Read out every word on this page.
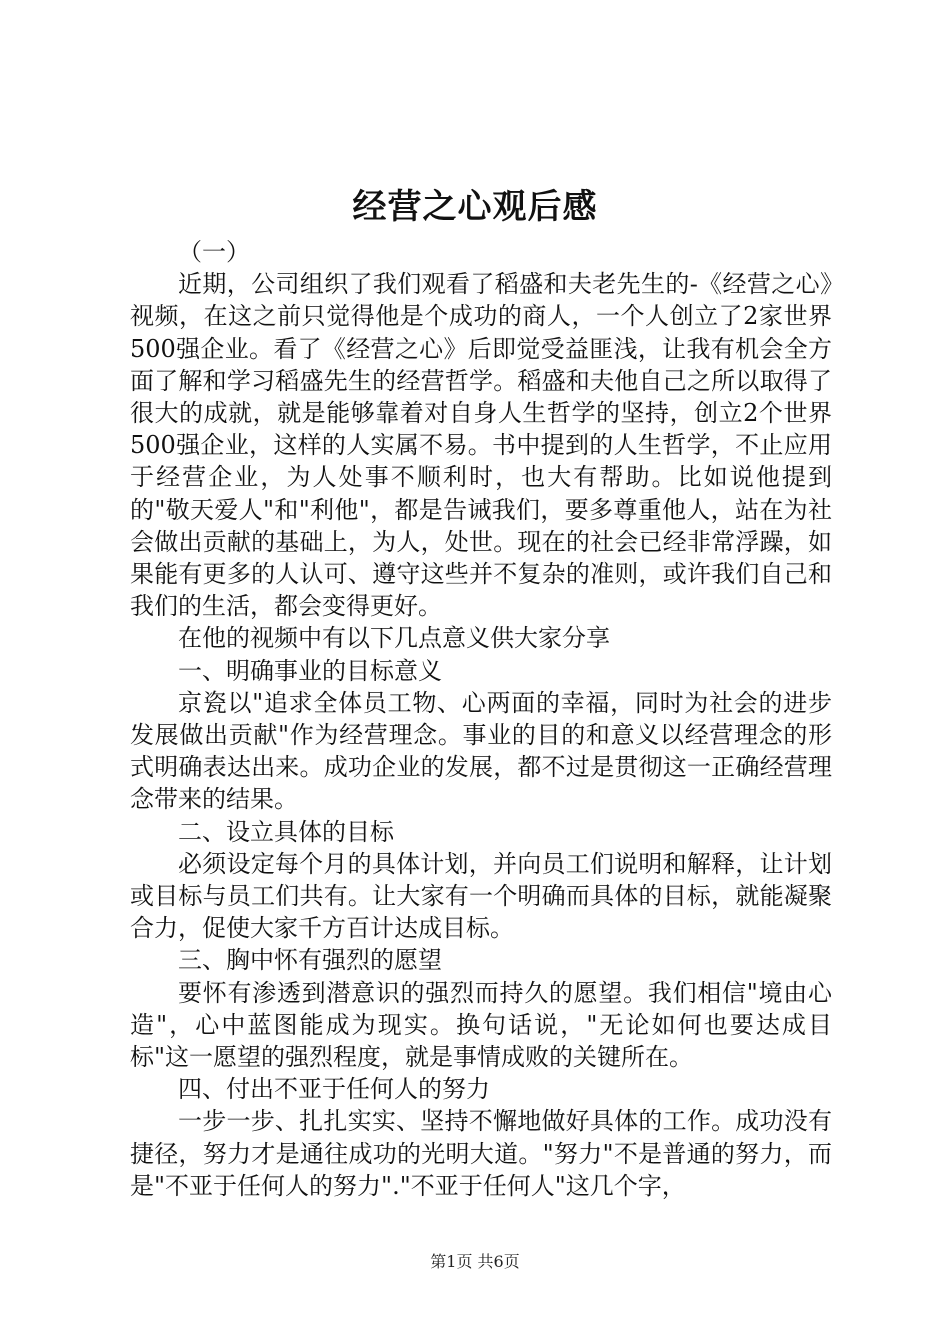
经营之心观后感

（一）

近期，公司组织了我们观看了稻盛和夫老先生的-《经营之心》视频，在这之前只觉得他是个成功的商人，一个人创立了2家世界500强企业。看了《经营之心》后即觉受益匪浅，让我有机会全方面了解和学习稻盛先生的经营哲学。稻盛和夫他自己之所以取得了很大的成就，就是能够靠着对自身人生哲学的坚持，创立2个世界500强企业，这样的人实属不易。书中提到的人生哲学，不止应用于经营企业，为人处事不顺利时，也大有帮助。比如说他提到的"敬天爱人"和"利他"，都是告诫我们，要多尊重他人，站在为社会做出贡献的基础上，为人，处世。现在的社会已经非常浮躁，如果能有更多的人认可、遵守这些并不复杂的准则，或许我们自己和我们的生活，都会变得更好。

在他的视频中有以下几点意义供大家分享

一、明确事业的目标意义

京瓷以"追求全体员工物、心两面的幸福，同时为社会的进步发展做出贡献"作为经营理念。事业的目的和意义以经营理念的形式明确表达出来。成功企业的发展，都不过是贯彻这一正确经营理念带来的结果。

二、设立具体的目标

必须设定每个月的具体计划，并向员工们说明和解释，让计划或目标与员工们共有。让大家有一个明确而具体的目标，就能凝聚合力，促使大家千方百计达成目标。

三、胸中怀有强烈的愿望

要怀有渗透到潜意识的强烈而持久的愿望。我们相信"境由心造"，心中蓝图能成为现实。换句话说，"无论如何也要达成目标"这一愿望的强烈程度，就是事情成败的关键所在。

四、付出不亚于任何人的努力

一步一步、扎扎实实、坚持不懈地做好具体的工作。成功没有捷径，努力才是通往成功的光明大道。"努力"不是普通的努力，而是"不亚于任何人的努力"."不亚于任何人"这几个字，

第1页 共6页
